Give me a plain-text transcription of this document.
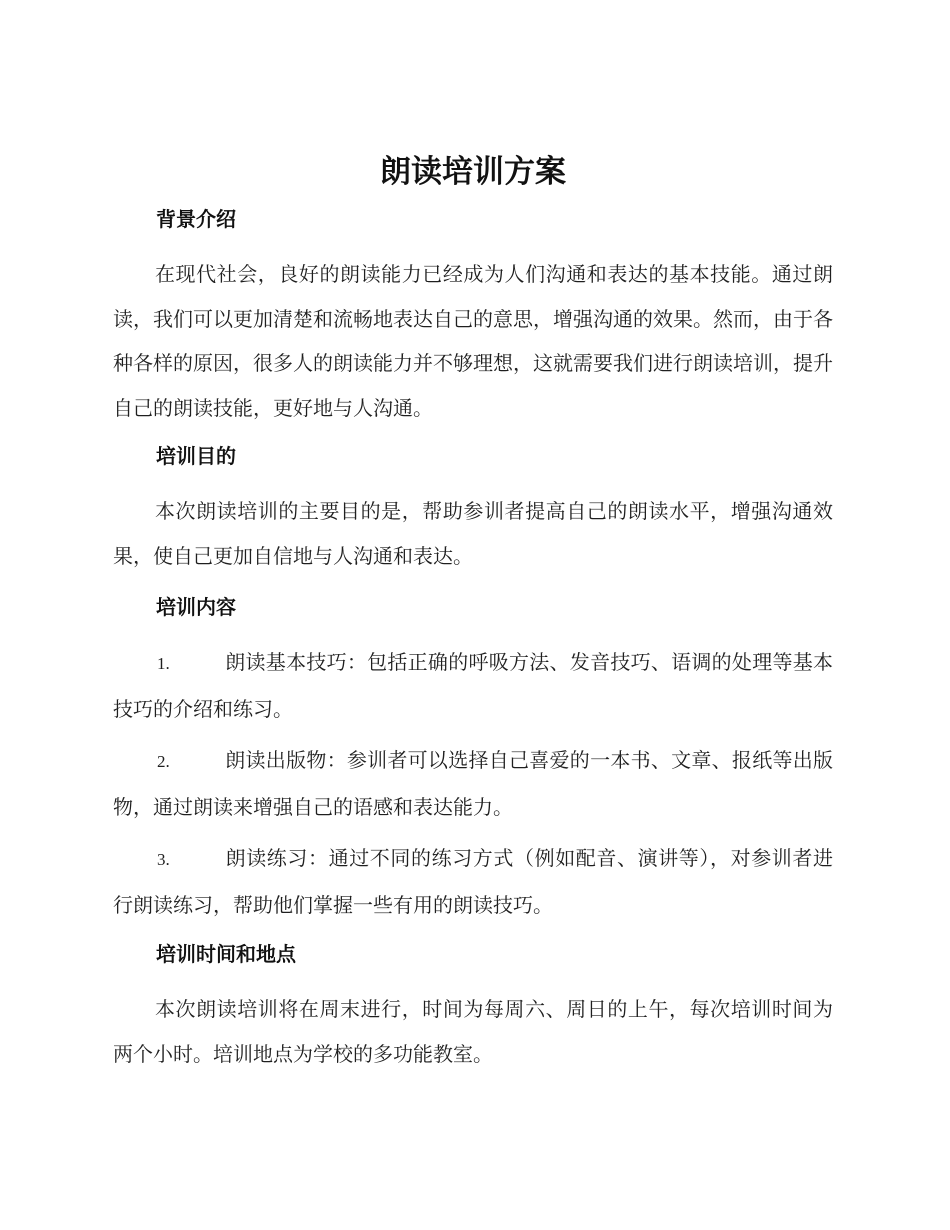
朗读培训方案
背景介绍

在现代社会，良好的朗读能力已经成为人们沟通和表达的基本技能。通过朗读，我们可以更加清楚和流畅地表达自己的意思，增强沟通的效果。然而，由于各种各样的原因，很多人的朗读能力并不够理想，这就需要我们进行朗读培训，提升自己的朗读技能，更好地与人沟通。

培训目的

本次朗读培训的主要目的是，帮助参训者提高自己的朗读水平，增强沟通效果，使自己更加自信地与人沟通和表达。

培训内容

1.	朗读基本技巧：包括正确的呼吸方法、发音技巧、语调的处理等基本技巧的介绍和练习。

2.	朗读出版物：参训者可以选择自己喜爱的一本书、文章、报纸等出版物，通过朗读来增强自己的语感和表达能力。

3.	朗读练习：通过不同的练习方式（例如配音、演讲等），对参训者进行朗读练习，帮助他们掌握一些有用的朗读技巧。

培训时间和地点

本次朗读培训将在周末进行，时间为每周六、周日的上午，每次培训时间为两个小时。培训地点为学校的多功能教室。
